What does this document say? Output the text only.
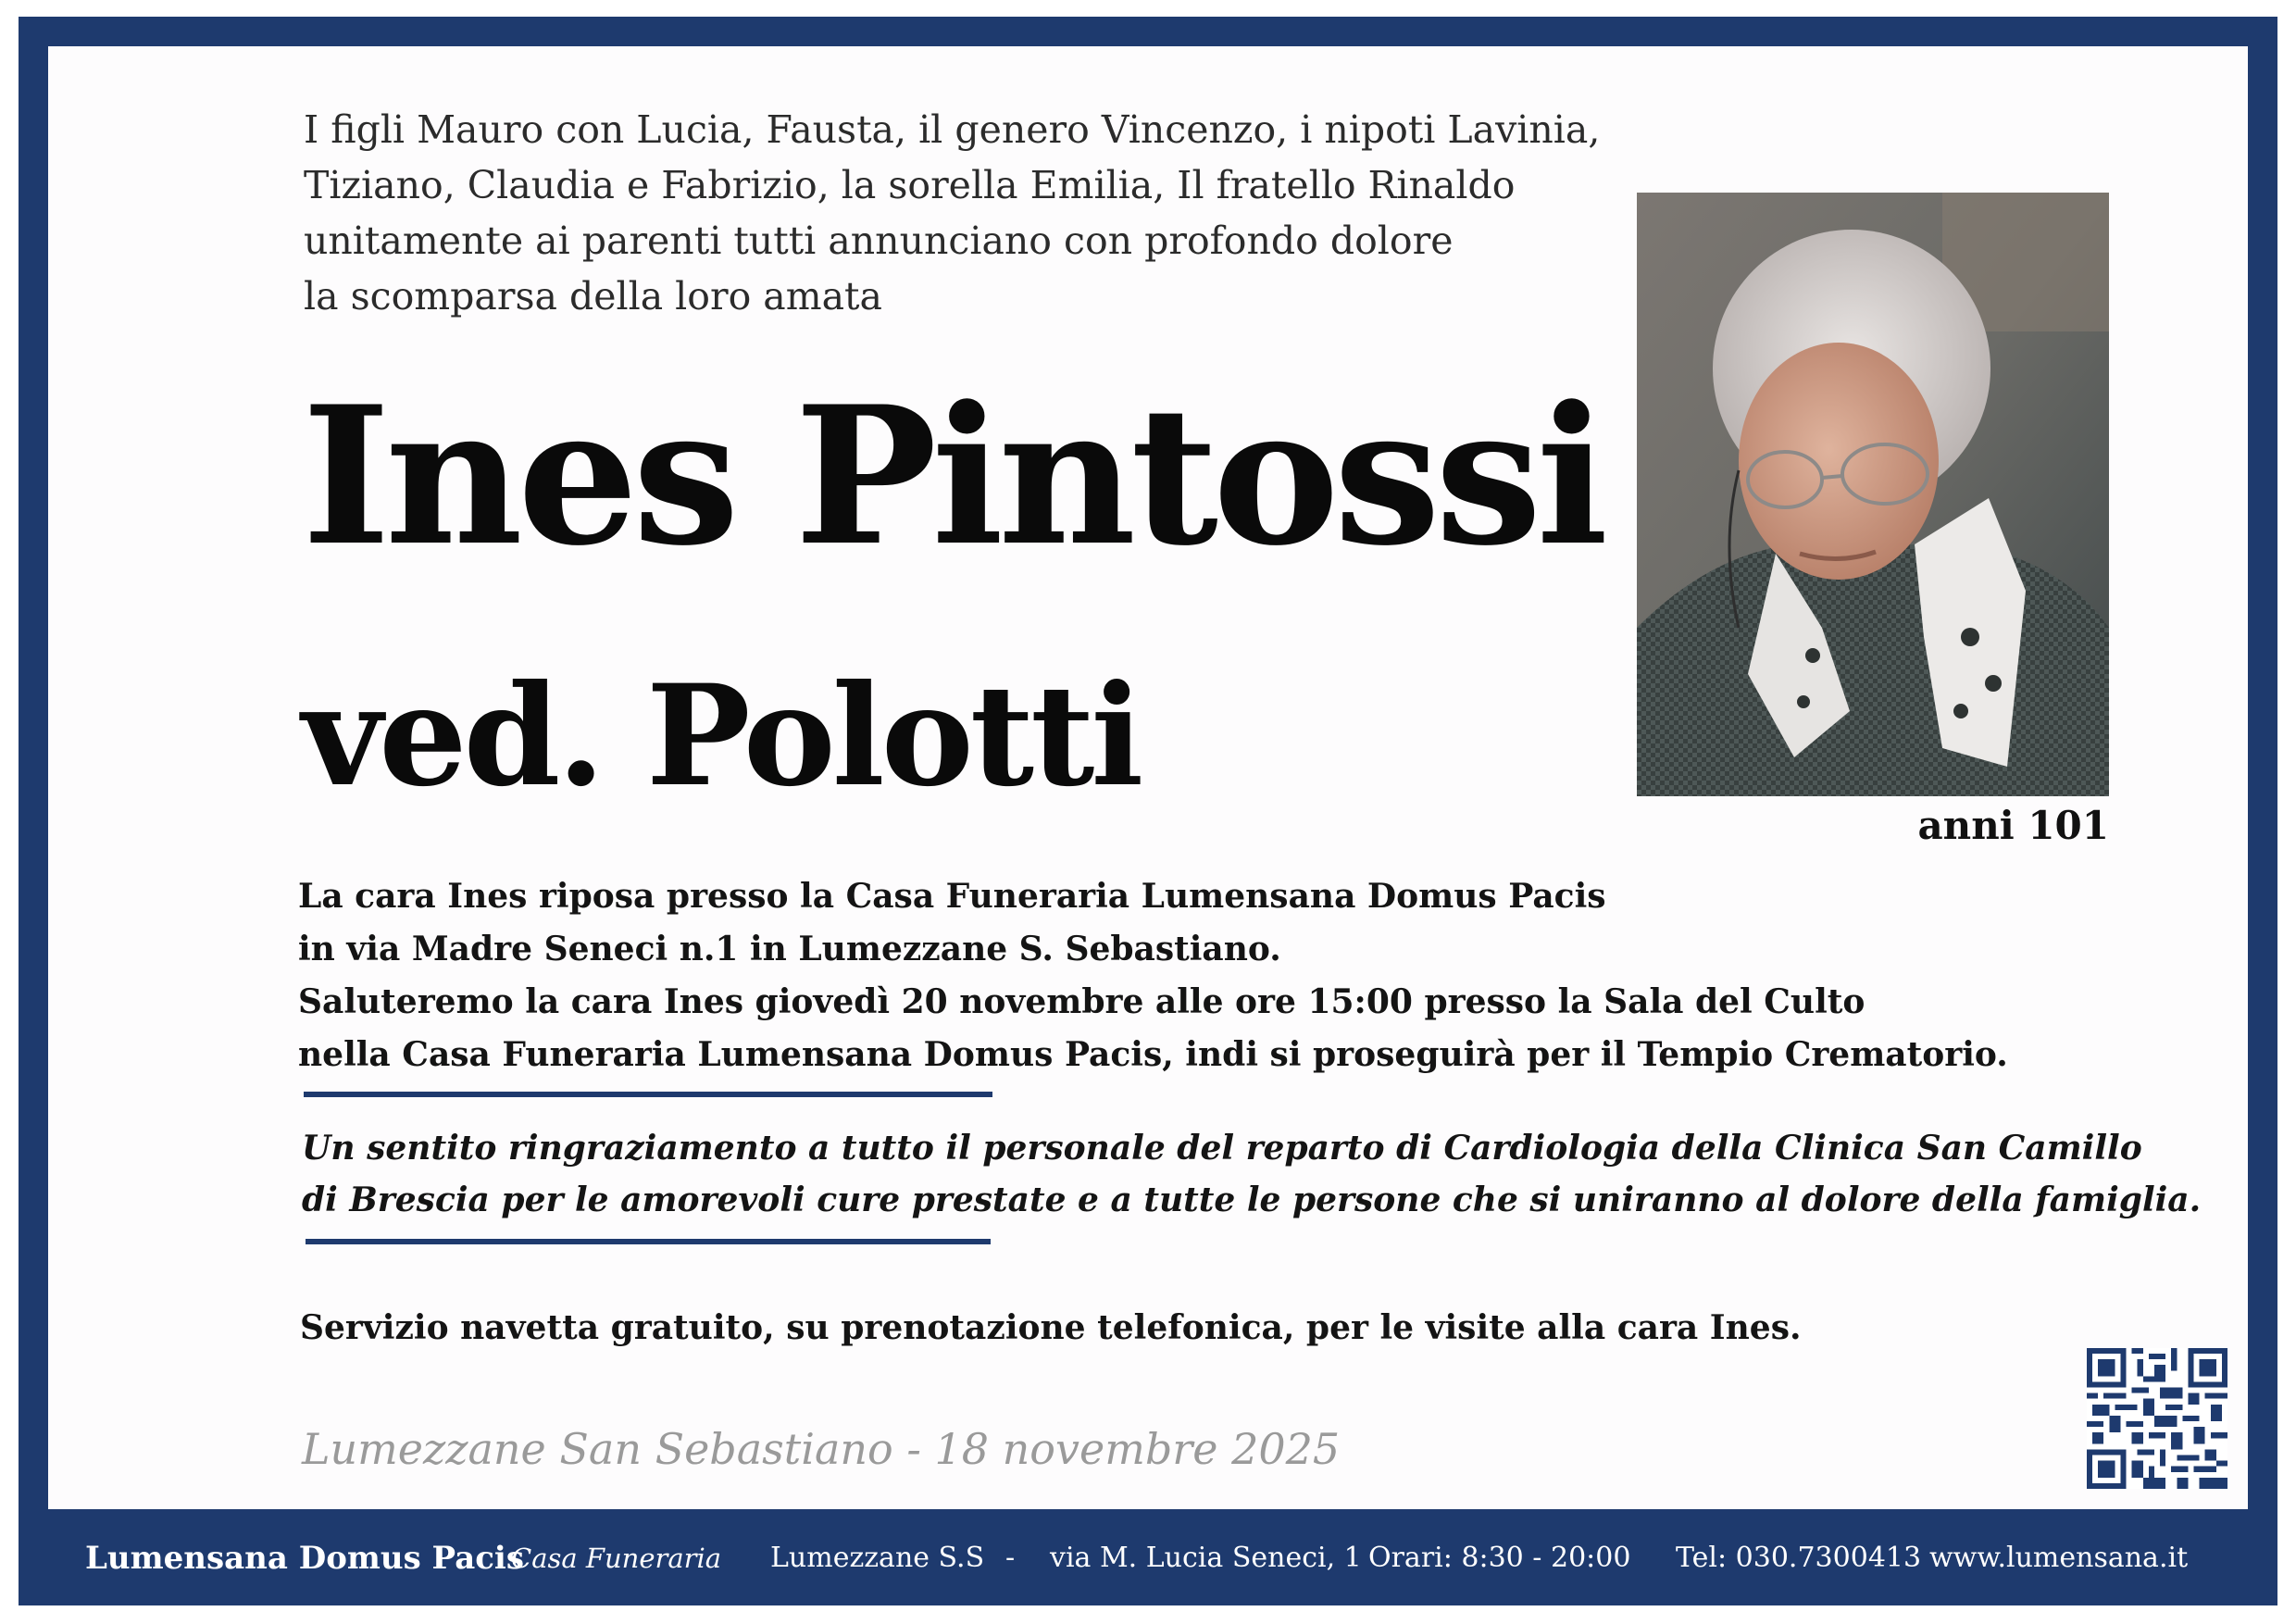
I figli Mauro con Lucia, Fausta, il genero Vincenzo, i nipoti Lavinia,
Tiziano, Claudia e Fabrizio, la sorella Emilia, Il fratello Rinaldo
unitamente ai parenti tutti annunciano con profondo dolore
la scomparsa della loro amata
Ines Pintossi
ved. Polotti
anni 101
La cara Ines riposa presso la Casa Funeraria Lumensana Domus Pacis
in via Madre Seneci n.1 in Lumezzane S. Sebastiano.
Saluteremo la cara Ines giovedì 20 novembre alle ore 15:00 presso la Sala del Culto
nella Casa Funeraria Lumensana Domus Pacis, indi si proseguirà per il Tempio Crematorio.
Un sentito ringraziamento a tutto il personale del reparto di Cardiologia della Clinica San Camillo
di Brescia per le amorevoli cure prestate e a tutte le persone che si uniranno al dolore della famiglia.
Servizio navetta gratuito, su prenotazione telefonica, per le visite alla cara Ines.
Lumezzane San Sebastiano - 18 novembre 2025
Lumensana Domus Pacis
Casa Funeraria Lumezzane S.S - via M. Lucia Seneci, 1 Orari: 8:30 - 20:00 Tel: 030.7300413 www.lumensana.it
